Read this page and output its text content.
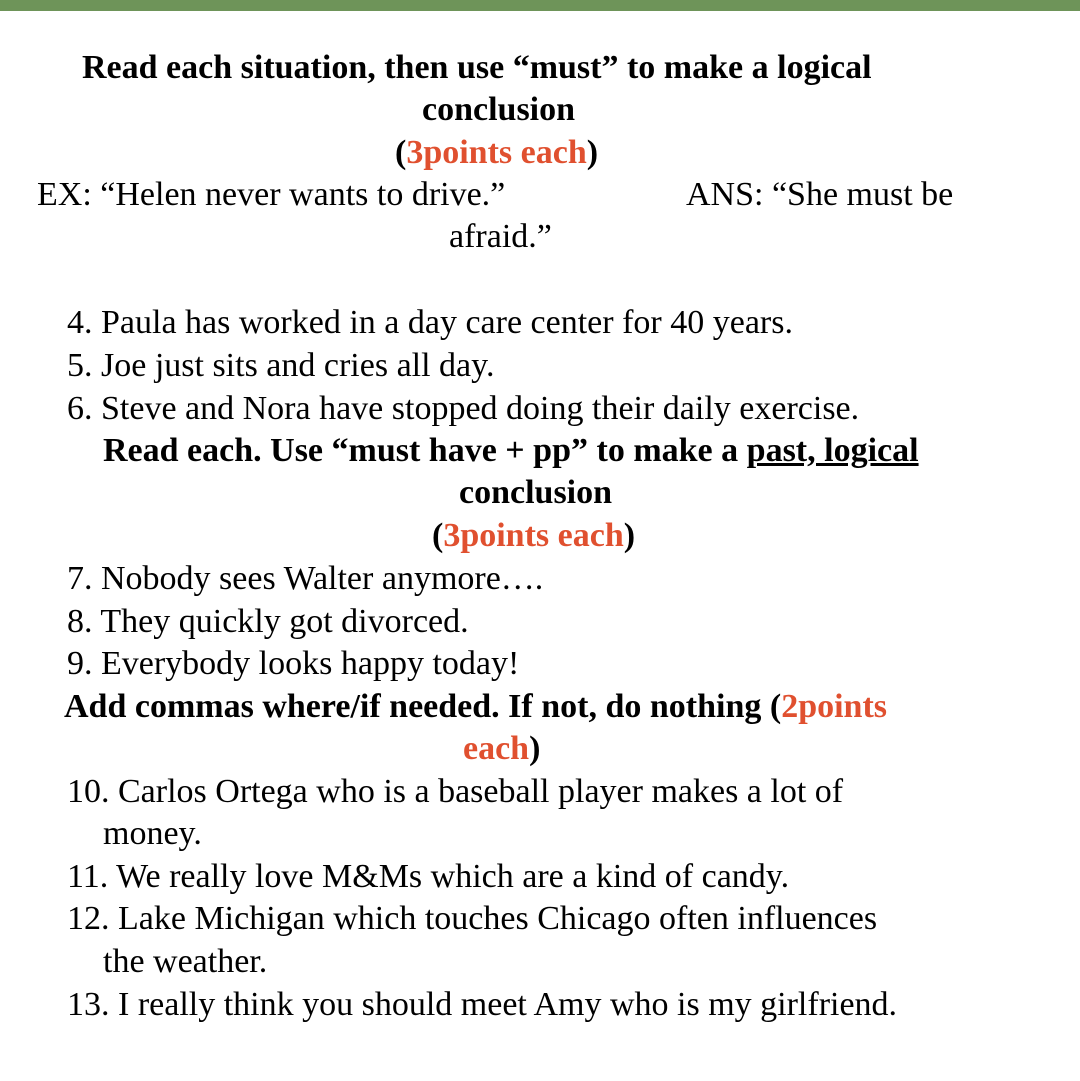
Read each situation, then use “must” to make a logical
conclusion
(3points each)
EX: “Helen never wants to drive.”	ANS: “She must be
afraid.”
4. Paula has worked in a day care center for 40 years.
5. Joe just sits and cries all day.
6. Steve and Nora have stopped doing their daily exercise.
Read each. Use “must have + pp” to make a past, logical
conclusion
(3points each)
7. Nobody sees Walter anymore….
8. They quickly got divorced.
9. Everybody looks happy today!
Add commas where/if needed. If not, do nothing (2points
each)
10. Carlos Ortega who is a baseball player makes a lot of
money.
11. We really love M&Ms which are a kind of candy.
12. Lake Michigan which touches Chicago often influences
the weather.
13. I really think you should meet Amy who is my girlfriend.
